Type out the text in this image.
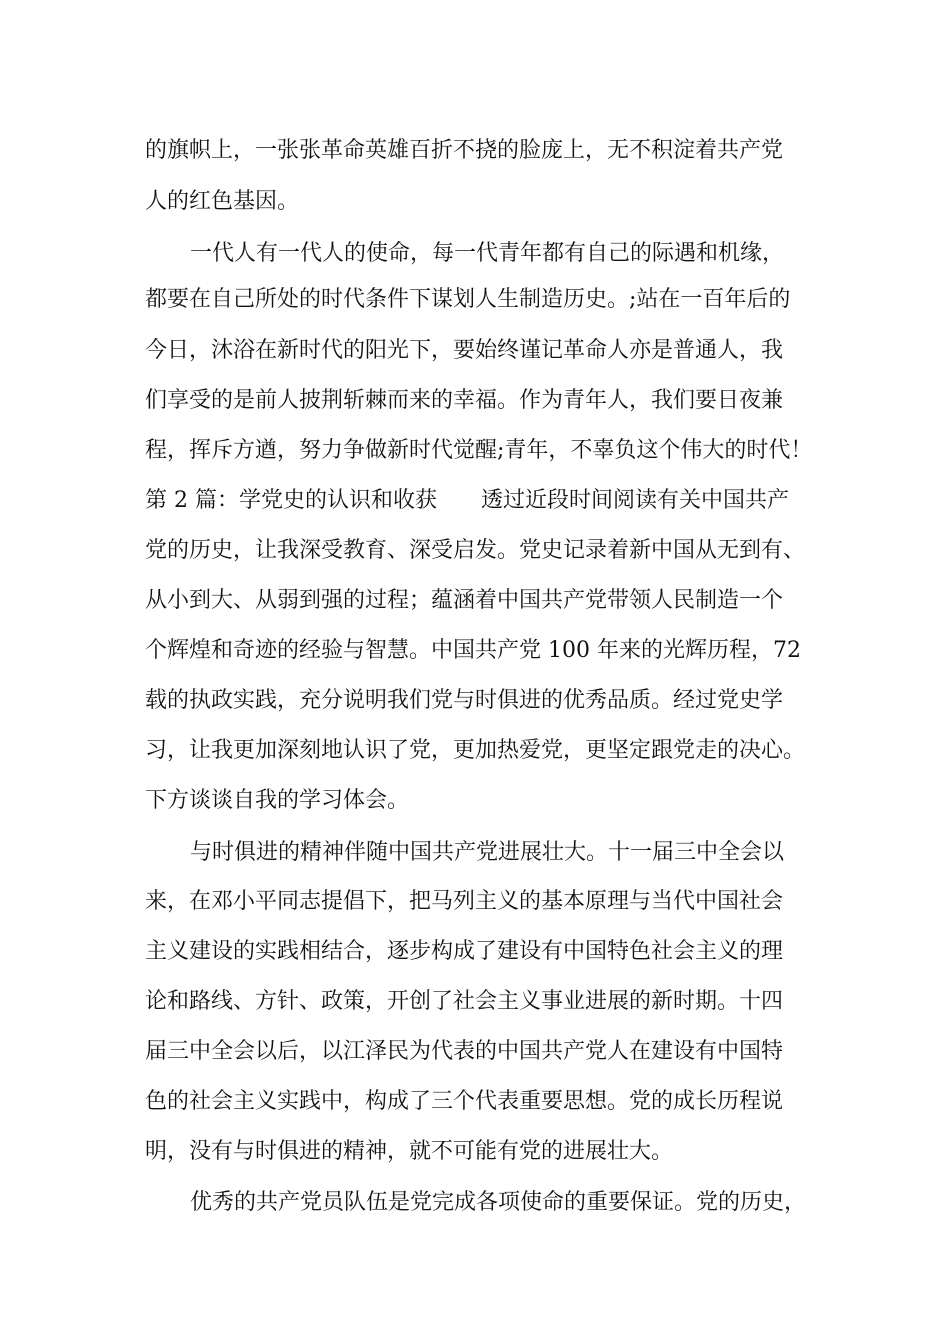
的旗帜上，一张张革命英雄百折不挠的脸庞上，无不积淀着共产党
人的红色基因。
一代人有一代人的使命，每一代青年都有自己的际遇和机缘，
都要在自己所处的时代条件下谋划人生制造历史。;站在一百年后的
今日，沐浴在新时代的阳光下，要始终谨记革命人亦是普通人，我
们享受的是前人披荆斩棘而来的幸福。作为青年人，我们要日夜兼
程，挥斥方遒，努力争做新时代觉醒;青年，不辜负这个伟大的时代！
第 2 篇：学党史的认识和收获　　透过近段时间阅读有关中国共产
党的历史，让我深受教育、深受启发。党史记录着新中国从无到有、
从小到大、从弱到强的过程；蕴涵着中国共产党带领人民制造一个
个辉煌和奇迹的经验与智慧。中国共产党 100 年来的光辉历程，72
载的执政实践，充分说明我们党与时俱进的优秀品质。经过党史学
习，让我更加深刻地认识了党，更加热爱党，更坚定跟党走的决心。
下方谈谈自我的学习体会。
与时俱进的精神伴随中国共产党进展壮大。十一届三中全会以
来，在邓小平同志提倡下，把马列主义的基本原理与当代中国社会
主义建设的实践相结合，逐步构成了建设有中国特色社会主义的理
论和路线、方针、政策，开创了社会主义事业进展的新时期。十四
届三中全会以后，以江泽民为代表的中国共产党人在建设有中国特
色的社会主义实践中，构成了三个代表重要思想。党的成长历程说
明，没有与时俱进的精神，就不可能有党的进展壮大。
优秀的共产党员队伍是党完成各项使命的重要保证。党的历史，
